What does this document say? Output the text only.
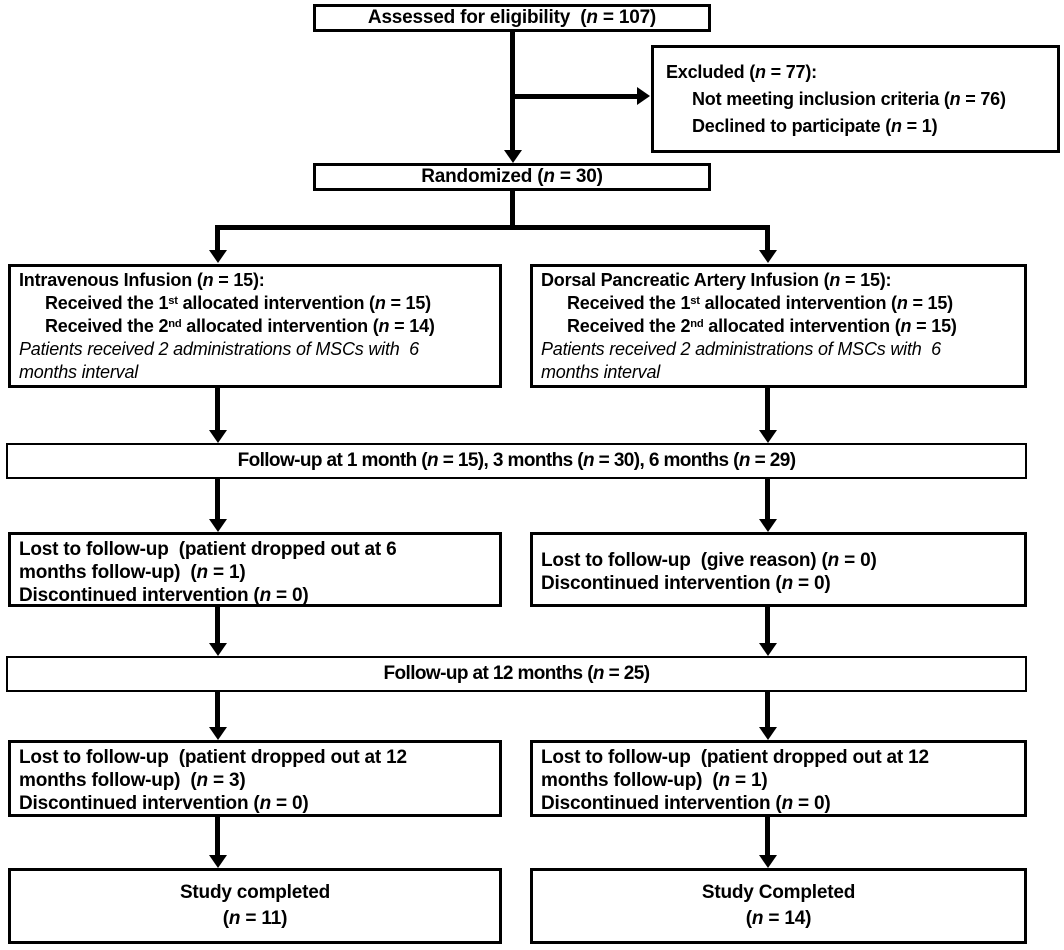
Assessed for eligibility  (n = 107)
Excluded (n = 77):
Not meeting inclusion criteria (n = 76)
Declined to participate (n = 1)
Randomized (n = 30)
Intravenous Infusion (n = 15):
Received the 1st allocated intervention (n = 15)
Received the 2nd allocated intervention (n = 14)
Patients received 2 administrations of MSCs with  6
months interval
Dorsal Pancreatic Artery Infusion (n = 15):
Received the 1st allocated intervention (n = 15)
Received the 2nd allocated intervention (n = 15)
Patients received 2 administrations of MSCs with  6
months interval
Follow-up at 1 month (n = 15), 3 months (n = 30), 6 months (n = 29)
Lost to follow-up  (patient dropped out at 6
months follow-up)  (n = 1)
Discontinued intervention (n = 0)
Lost to follow-up  (give reason) (n = 0)
Discontinued intervention (n = 0)
Follow-up at 12 months (n = 25)
Lost to follow-up  (patient dropped out at 12
months follow-up)  (n = 3)
Discontinued intervention (n = 0)
Lost to follow-up  (patient dropped out at 12
months follow-up)  (n = 1)
Discontinued intervention (n = 0)
Study completed
(n = 11)
Study Completed
(n = 14)
